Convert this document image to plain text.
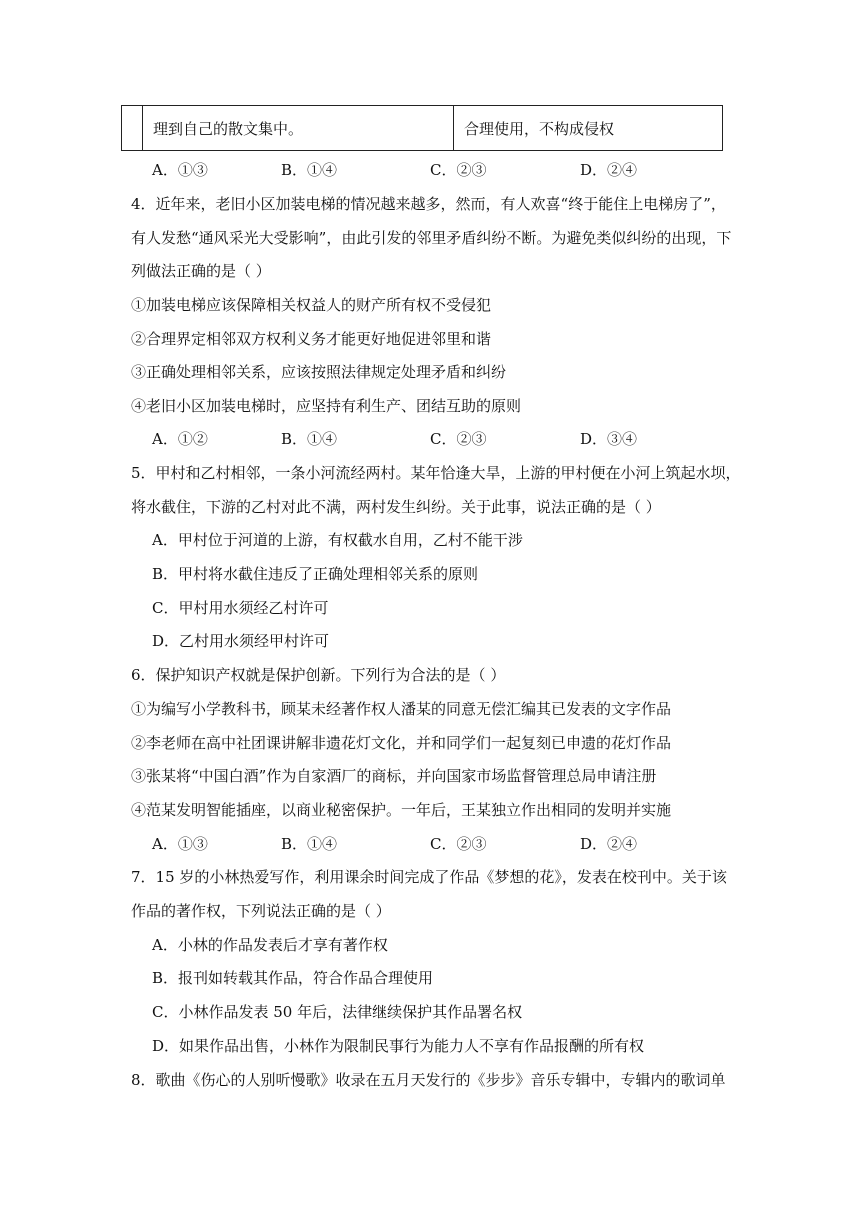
	理到自己的散文集中。	合理使用，不构成侵权
A．①③	B．①④	C．②③	D．②④
4．近年来，老旧小区加装电梯的情况越来越多，然而，有人欢喜“终于能住上电梯房了”，
有人发愁“通风采光大受影响”，由此引发的邻里矛盾纠纷不断。为避免类似纠纷的出现，下
列做法正确的是（ ）
①加装电梯应该保障相关权益人的财产所有权不受侵犯
②合理界定相邻双方权利义务才能更好地促进邻里和谐
③正确处理相邻关系，应该按照法律规定处理矛盾和纠纷
④老旧小区加装电梯时，应坚持有利生产、团结互助的原则
A．①②	B．①④	C．②③	D．③④
5．甲村和乙村相邻，一条小河流经两村。某年恰逢大旱，上游的甲村便在小河上筑起水坝，
将水截住，下游的乙村对此不满，两村发生纠纷。关于此事，说法正确的是（ ）
A．甲村位于河道的上游，有权截水自用，乙村不能干涉
B．甲村将水截住违反了正确处理相邻关系的原则
C．甲村用水须经乙村许可
D．乙村用水须经甲村许可
6．保护知识产权就是保护创新。下列行为合法的是（ ）
①为编写小学教科书，顾某未经著作权人潘某的同意无偿汇编其已发表的文字作品
②李老师在高中社团课讲解非遗花灯文化，并和同学们一起复刻已申遗的花灯作品
③张某将“中国白酒”作为自家酒厂的商标，并向国家市场监督管理总局申请注册
④范某发明智能插座，以商业秘密保护。一年后，王某独立作出相同的发明并实施
A．①③	B．①④	C．②③	D．②④
7．15 岁的小林热爱写作，利用课余时间完成了作品《梦想的花》，发表在校刊中。关于该
作品的著作权，下列说法正确的是（ ）
A．小林的作品发表后才享有著作权
B．报刊如转载其作品，符合作品合理使用
C．小林作品发表 50 年后，法律继续保护其作品署名权
D．如果作品出售，小林作为限制民事行为能力人不享有作品报酬的所有权
8．歌曲《伤心的人别听慢歌》收录在五月天发行的《步步》音乐专辑中，专辑内的歌词单
